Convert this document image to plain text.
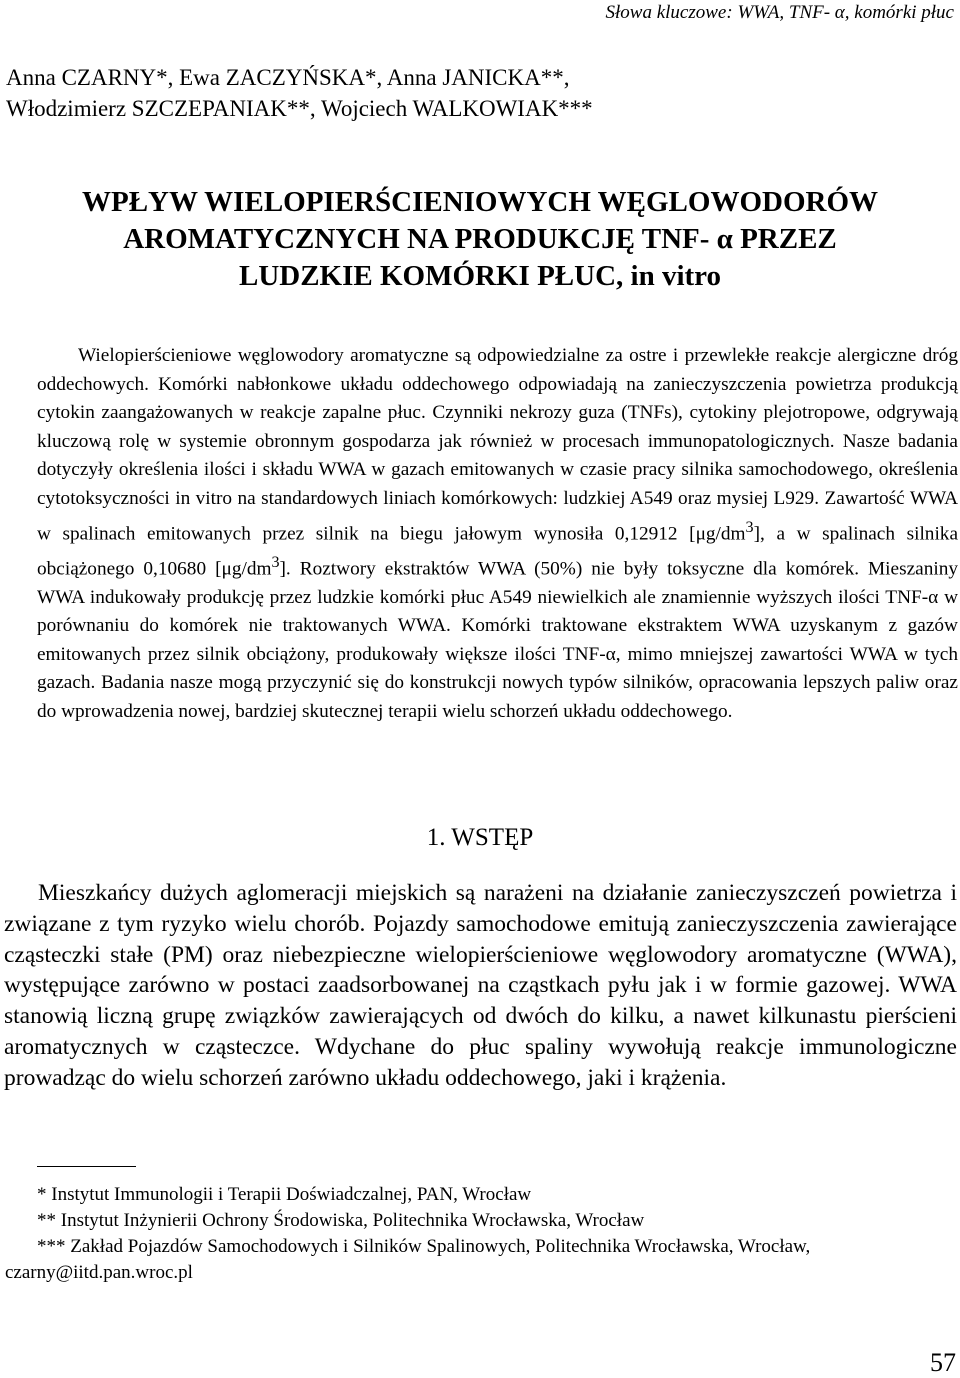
Słowa kluczowe: WWA, TNF- α, komórki płuc
Anna CZARNY*, Ewa ZACZYŃSKA*, Anna JANICKA**,
Włodzimierz SZCZEPANIAK**, Wojciech WALKOWIAK***
WPŁYW WIELOPIERŚCIENIOWYCH WĘGLOWODORÓW
AROMATYCZNYCH NA PRODUKCJĘ TNF- α PRZEZ
LUDZKIE KOMÓRKI PŁUC, in vitro
Wielopierścieniowe węglowodory aromatyczne są odpowiedzialne za ostre i przewlekłe reakcje alergiczne dróg oddechowych. Komórki nabłonkowe układu oddechowego odpowiadają na zanieczyszczenia powietrza produkcją cytokin zaangażowanych w reakcje zapalne płuc. Czynniki nekrozy guza (TNFs), cytokiny plejotropowe, odgrywają kluczową rolę w systemie obronnym gospodarza jak również w procesach immunopatologicznych. Nasze badania dotyczyły określenia ilości i składu WWA w gazach emitowanych w czasie pracy silnika samochodowego, określenia cytotoksyczności in vitro na standardowych liniach komórkowych: ludzkiej A549 oraz mysiej L929. Zawartość WWA w spalinach emitowanych przez silnik na biegu jałowym wynosiła 0,12912 $[\mu g/dm^3]$, a w spalinach silnika obciążonego 0,10680 $[\mu g/dm^3]$. Roztwory ekstraktów WWA (50%) nie były toksyczne dla komórek. Mieszaniny WWA indukowały produkcję przez ludzkie komórki płuc A549 niewielkich ale znamiennie wyższych ilości TNF-α w porównaniu do komórek nie traktowanych WWA. Komórki traktowane ekstraktem WWA uzyskanym z gazów emitowanych przez silnik obciążony, produkowały większe ilości TNF-α, mimo mniejszej zawartości WWA w tych gazach. Badania nasze mogą przyczynić się do konstrukcji nowych typów silników, opracowania lepszych paliw oraz do wprowadzenia nowej, bardziej skutecznej terapii wielu schorzeń układu oddechowego.
1. WSTĘP
Mieszkańcy dużych aglomeracji miejskich są narażeni na działanie zanieczyszczeń powietrza i związane z tym ryzyko wielu chorób. Pojazdy samochodowe emitują zanieczyszczenia zawierające cząsteczki stałe (PM) oraz niebezpieczne wielopierścieniowe węglowodory aromatyczne (WWA), występujące zarówno w postaci zaadsorbowanej na cząstkach pyłu jak i w formie gazowej. WWA stanowią liczną grupę związków zawierających od dwóch do kilku, a nawet kilkunastu pierścieni aromatycznych w cząsteczce. Wdychane do płuc spaliny wywołują reakcje immunologiczne prowadząc do wielu schorzeń zarówno układu oddechowego, jaki i krążenia.
* Instytut Immunologii i Terapii Doświadczalnej, PAN, Wrocław
** Instytut Inżynierii Ochrony Środowiska, Politechnika Wrocławska, Wrocław
*** Zakład Pojazdów Samochodowych i Silników Spalinowych, Politechnika Wrocławska, Wrocław, czarny@iitd.pan.wroc.pl
57
